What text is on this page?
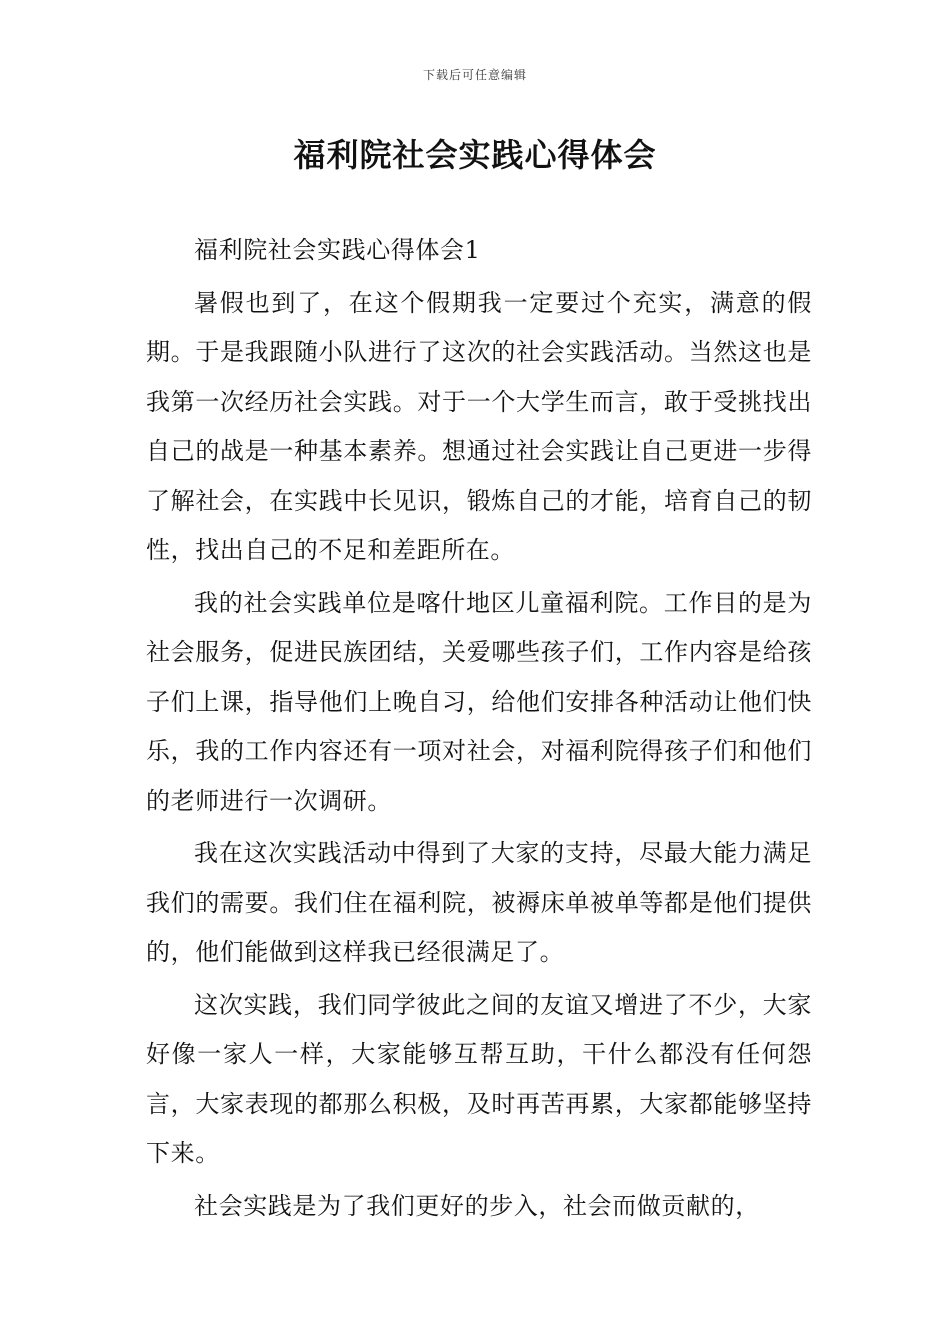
下载后可任意编辑
福利院社会实践心得体会

福利院社会实践心得体会1

暑假也到了，在这个假期我一定要过个充实，满意的假期。于是我跟随小队进行了这次的社会实践活动。当然这也是我第一次经历社会实践。对于一个大学生而言，敢于受挑找出自己的战是一种基本素养。想通过社会实践让自己更进一步得了解社会，在实践中长见识，锻炼自己的才能，培育自己的韧性，找出自己的不足和差距所在。

我的社会实践单位是喀什地区儿童福利院。工作目的是为社会服务，促进民族团结，关爱哪些孩子们，工作内容是给孩子们上课，指导他们上晚自习，给他们安排各种活动让他们快乐，我的工作内容还有一项对社会，对福利院得孩子们和他们的老师进行一次调研。

我在这次实践活动中得到了大家的支持，尽最大能力满足我们的需要。我们住在福利院，被褥床单被单等都是他们提供的，他们能做到这样我已经很满足了。

这次实践，我们同学彼此之间的友谊又增进了不少，大家好像一家人一样，大家能够互帮互助，干什么都没有任何怨言，大家表现的都那么积极，及时再苦再累，大家都能够坚持下来。

社会实践是为了我们更好的步入，社会而做贡献的，
